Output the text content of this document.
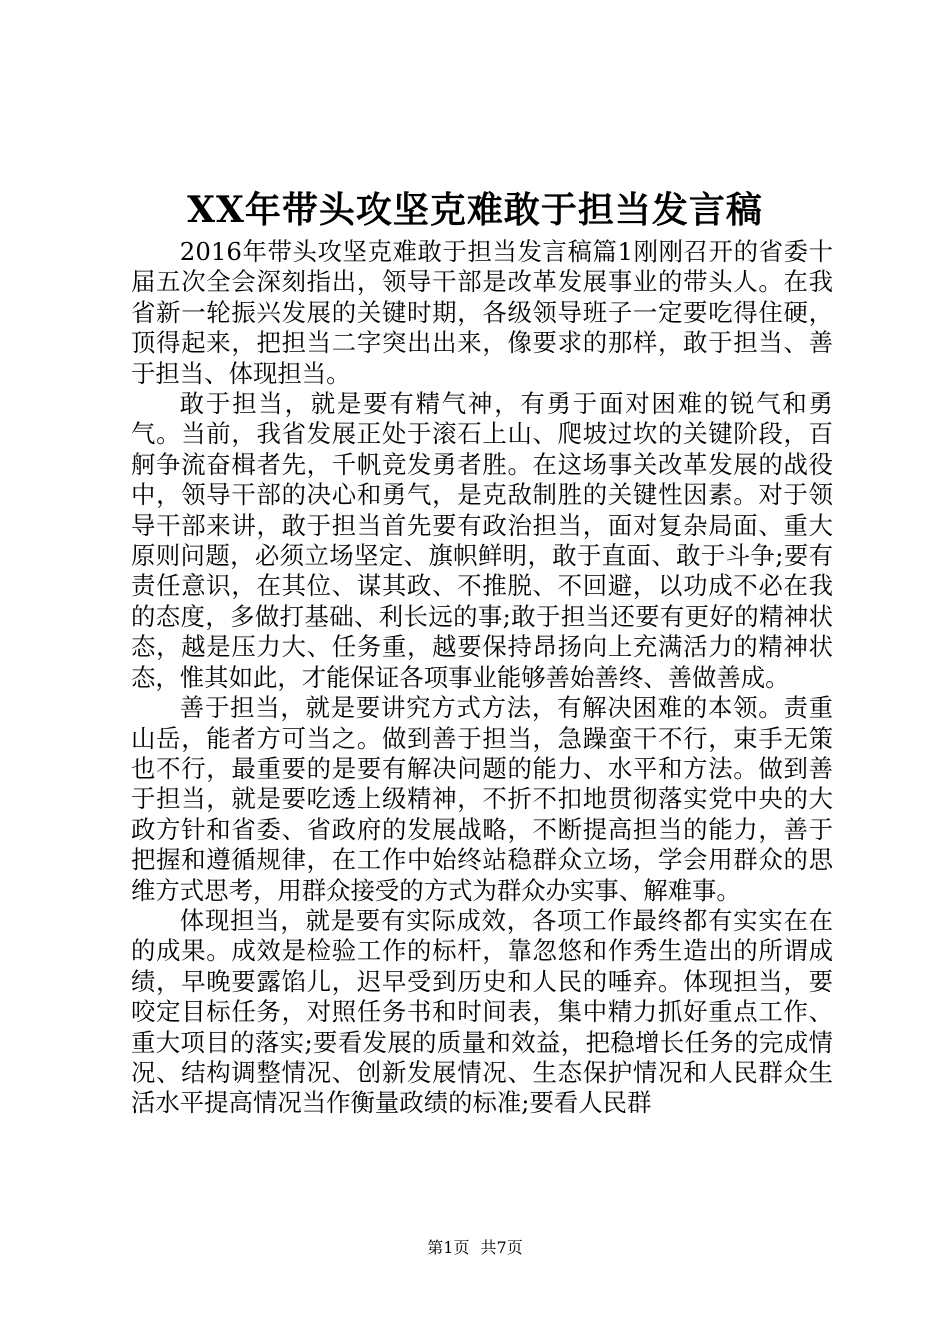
XX年带头攻坚克难敢于担当发言稿

2016年带头攻坚克难敢于担当发言稿篇1刚刚召开的省委十届五次全会深刻指出，领导干部是改革发展事业的带头人。在我省新一轮振兴发展的关键时期，各级领导班子一定要吃得住硬，顶得起来，把担当二字突出出来，像要求的那样，敢于担当、善于担当、体现担当。

敢于担当，就是要有精气神，有勇于面对困难的锐气和勇气。当前，我省发展正处于滚石上山、爬坡过坎的关键阶段，百舸争流奋楫者先，千帆竞发勇者胜。在这场事关改革发展的战役中，领导干部的决心和勇气，是克敌制胜的关键性因素。对于领导干部来讲，敢于担当首先要有政治担当，面对复杂局面、重大原则问题，必须立场坚定、旗帜鲜明，敢于直面、敢于斗争;要有责任意识，在其位、谋其政、不推脱、不回避，以功成不必在我的态度，多做打基础、利长远的事;敢于担当还要有更好的精神状态，越是压力大、任务重，越要保持昂扬向上充满活力的精神状态，惟其如此，才能保证各项事业能够善始善终、善做善成。

善于担当，就是要讲究方式方法，有解决困难的本领。责重山岳，能者方可当之。做到善于担当，急躁蛮干不行，束手无策也不行，最重要的是要有解决问题的能力、水平和方法。做到善于担当，就是要吃透上级精神，不折不扣地贯彻落实党中央的大政方针和省委、省政府的发展战略，不断提高担当的能力，善于把握和遵循规律，在工作中始终站稳群众立场，学会用群众的思维方式思考，用群众接受的方式为群众办实事、解难事。

体现担当，就是要有实际成效，各项工作最终都有实实在在的成果。成效是检验工作的标杆，靠忽悠和作秀生造出的所谓成绩，早晚要露馅儿，迟早受到历史和人民的唾弃。体现担当，要咬定目标任务，对照任务书和时间表，集中精力抓好重点工作、重大项目的落实;要看发展的质量和效益，把稳增长任务的完成情况、结构调整情况、创新发展情况、生态保护情况和人民群众生活水平提高情况当作衡量政绩的标准;要看人民群

第1页 共7页
